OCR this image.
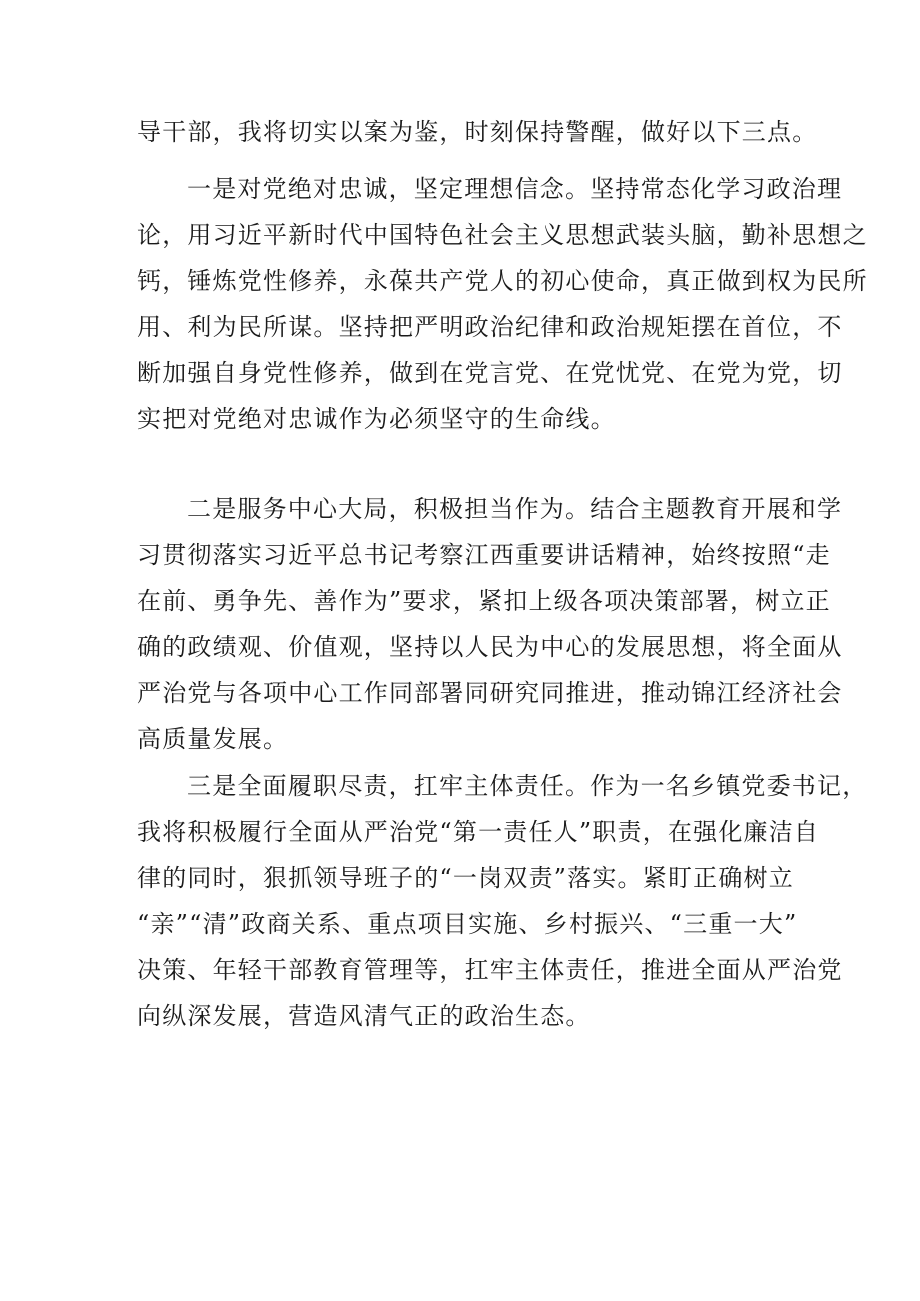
导干部，我将切实以案为鉴，时刻保持警醒，做好以下三点。
一是对党绝对忠诚，坚定理想信念。坚持常态化学习政治理
论，用习近平新时代中国特色社会主义思想武装头脑，勤补思想之
钙，锤炼党性修养，永葆共产党人的初心使命，真正做到权为民所
用、利为民所谋。坚持把严明政治纪律和政治规矩摆在首位，不
断加强自身党性修养，做到在党言党、在党忧党、在党为党，切
实把对党绝对忠诚作为必须坚守的生命线。
二是服务中心大局，积极担当作为。结合主题教育开展和学
习贯彻落实习近平总书记考察江西重要讲话精神，始终按照“走
在前、勇争先、善作为”要求，紧扣上级各项决策部署，树立正
确的政绩观、价值观，坚持以人民为中心的发展思想，将全面从
严治党与各项中心工作同部署同研究同推进，推动锦江经济社会
高质量发展。
三是全面履职尽责，扛牢主体责任。作为一名乡镇党委书记，
我将积极履行全面从严治党“第一责任人”职责，在强化廉洁自
律的同时，狠抓领导班子的“一岗双责”落实。紧盯正确树立
“亲”“清”政商关系、重点项目实施、乡村振兴、“三重一大”
决策、年轻干部教育管理等，扛牢主体责任，推进全面从严治党
向纵深发展，营造风清气正的政治生态。
